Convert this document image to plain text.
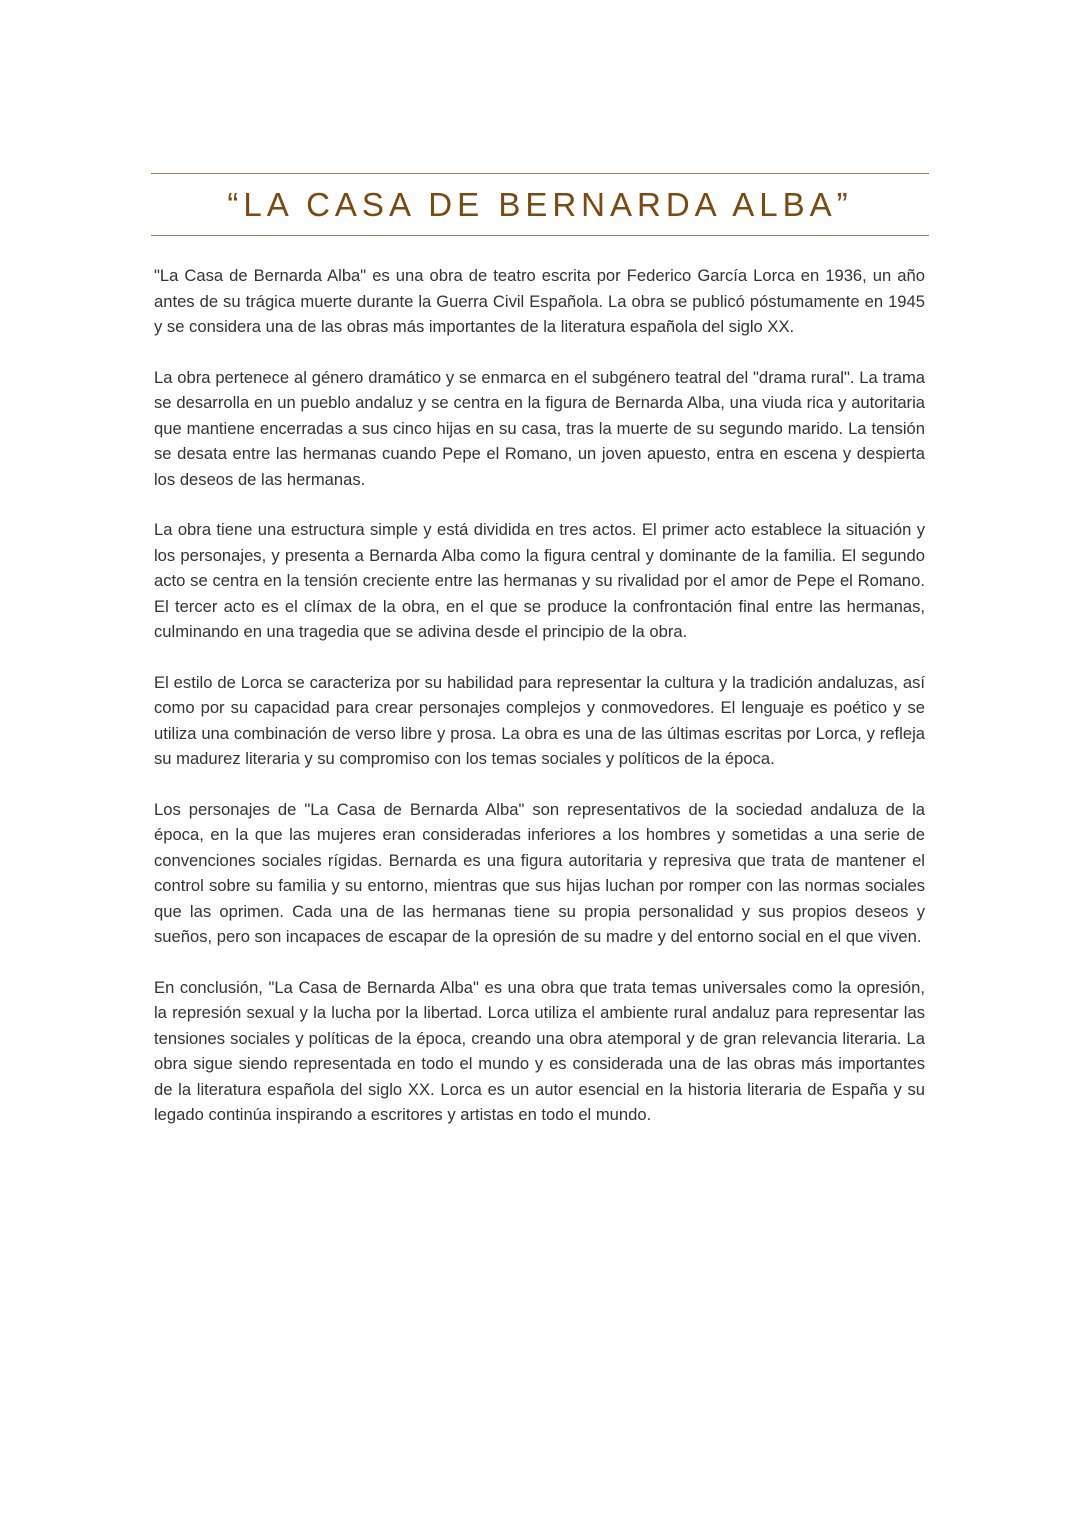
“LA CASA DE BERNARDA ALBA”

"La Casa de Bernarda Alba" es una obra de teatro escrita por Federico García Lorca en 1936, un año antes de su trágica muerte durante la Guerra Civil Española. La obra se publicó póstumamente en 1945 y se considera una de las obras más importantes de la literatura española del siglo XX.

La obra pertenece al género dramático y se enmarca en el subgénero teatral del "drama rural". La trama se desarrolla en un pueblo andaluz y se centra en la figura de Bernarda Alba, una viuda rica y autoritaria que mantiene encerradas a sus cinco hijas en su casa, tras la muerte de su segundo marido. La tensión se desata entre las hermanas cuando Pepe el Romano, un joven apuesto, entra en escena y despierta los deseos de las hermanas.

La obra tiene una estructura simple y está dividida en tres actos. El primer acto establece la situación y los personajes, y presenta a Bernarda Alba como la figura central y dominante de la familia. El segundo acto se centra en la tensión creciente entre las hermanas y su rivalidad por el amor de Pepe el Romano. El tercer acto es el clímax de la obra, en el que se produce la confrontación final entre las hermanas, culminando en una tragedia que se adivina desde el principio de la obra.

El estilo de Lorca se caracteriza por su habilidad para representar la cultura y la tradición andaluzas, así como por su capacidad para crear personajes complejos y conmovedores. El lenguaje es poético y se utiliza una combinación de verso libre y prosa. La obra es una de las últimas escritas por Lorca, y refleja su madurez literaria y su compromiso con los temas sociales y políticos de la época.

Los personajes de "La Casa de Bernarda Alba" son representativos de la sociedad andaluza de la época, en la que las mujeres eran consideradas inferiores a los hombres y sometidas a una serie de convenciones sociales rígidas. Bernarda es una figura autoritaria y represiva que trata de mantener el control sobre su familia y su entorno, mientras que sus hijas luchan por romper con las normas sociales que las oprimen. Cada una de las hermanas tiene su propia personalidad y sus propios deseos y sueños, pero son incapaces de escapar de la opresión de su madre y del entorno social en el que viven.

En conclusión, "La Casa de Bernarda Alba" es una obra que trata temas universales como la opresión, la represión sexual y la lucha por la libertad. Lorca utiliza el ambiente rural andaluz para representar las tensiones sociales y políticas de la época, creando una obra atemporal y de gran relevancia literaria. La obra sigue siendo representada en todo el mundo y es considerada una de las obras más importantes de la literatura española del siglo XX. Lorca es un autor esencial en la historia literaria de España y su legado continúa inspirando a escritores y artistas en todo el mundo.
